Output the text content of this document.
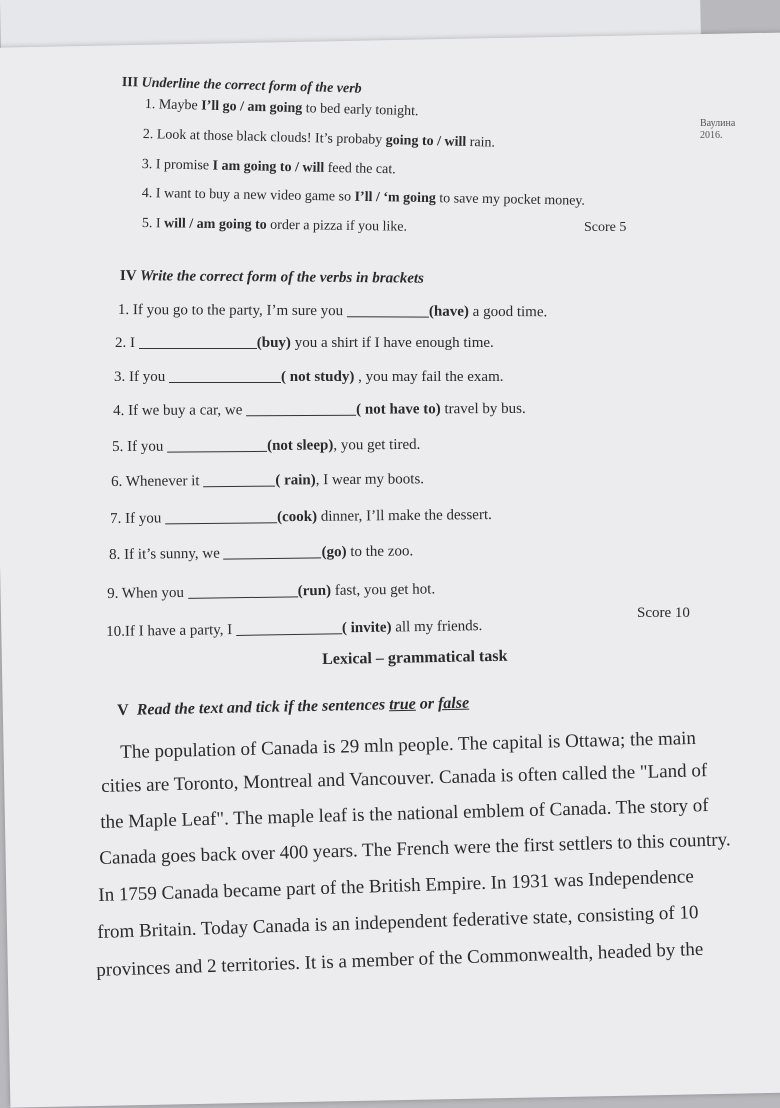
Ваулина
2016.
III Underline the correct form of the verb
1. Maybe I’ll go / am going to bed early tonight.
2. Look at those black clouds! It’s probaby going to / will rain.
3. I promise I am going to / will feed the cat.
4. I want to buy a new video game so I’ll / ‘m going to save my pocket money.
5. I will / am going to order a pizza if you like.	Score 5
IV Write the correct form of the verbs in brackets
1. If you go to the party, I’m sure you	(have) a good time.
2. I	(buy) you a shirt if I have enough time.
3. If you	( not study) , you may fail the exam.
4. If we buy a car, we	( not have to) travel by bus.
5. If you	(not sleep), you get tired.
6. Whenever it	( rain), I wear my boots.
7. If you	(cook) dinner, I’ll make the dessert.
8. If it’s sunny, we	(go) to the zoo.
9. When you	(run) fast, you get hot.
10.If I have a party, I	( invite) all my friends.
Score 10
Lexical – grammatical task
V Read the text and tick if the sentences true or false
The population of Canada is 29 mln people. The capital is Ottawa; the main
cities are Toronto, Montreal and Vancouver. Canada is often called the "Land of
the Maple Leaf". The maple leaf is the national emblem of Canada. The story of
Canada goes back over 400 years. The French were the first settlers to this country.
In 1759 Canada became part of the British Empire. In 1931 was Independence
from Britain. Today Canada is an independent federative state, consisting of 10
provinces and 2 territories. It is a member of the Commonwealth, headed by the
